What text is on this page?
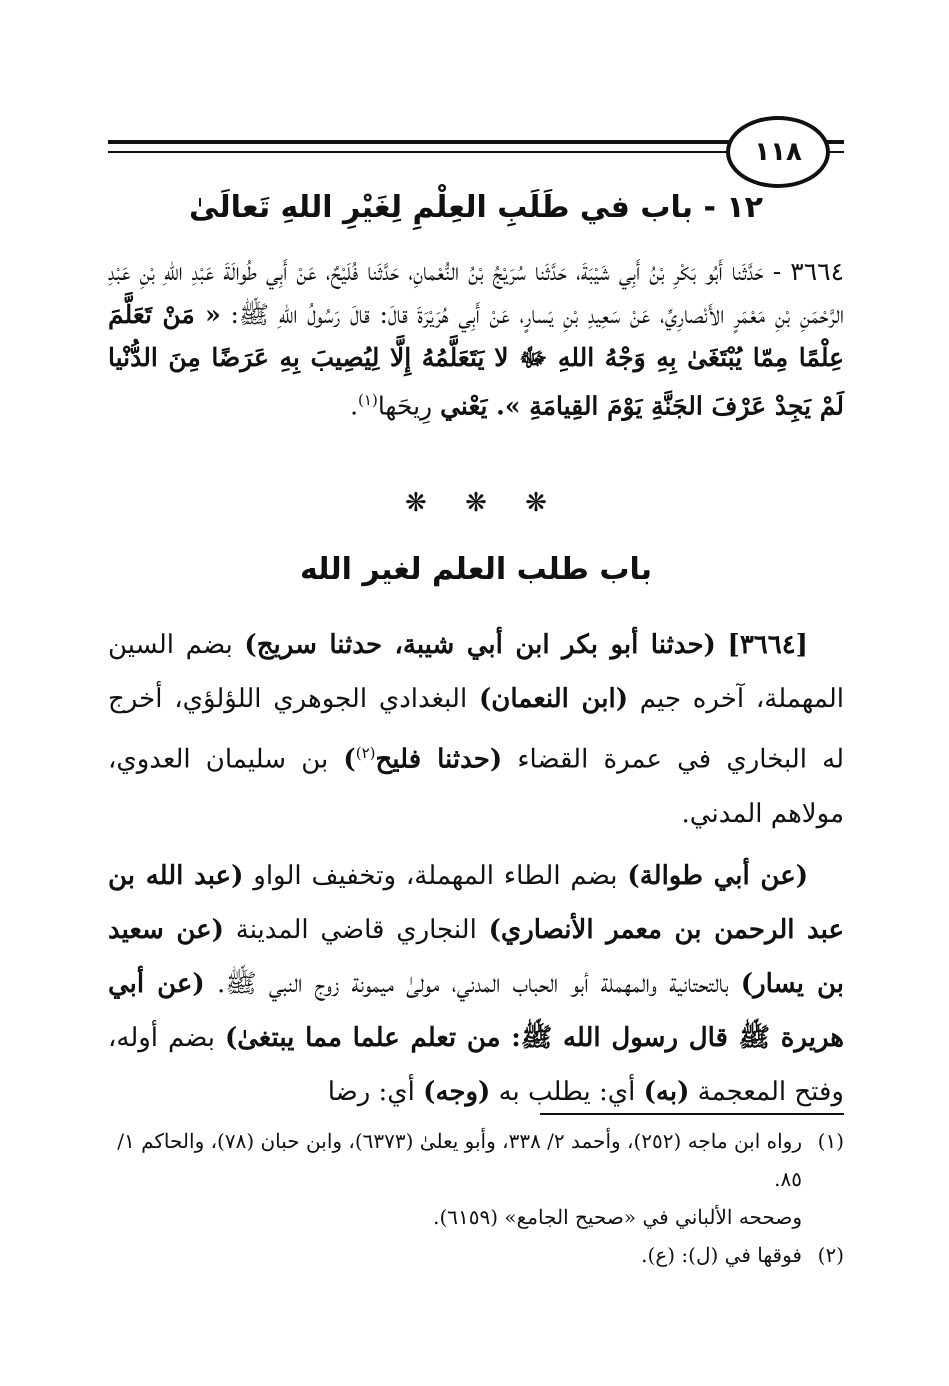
١١٨
١٢ - باب في طَلَبِ العِلْمِ لِغَيْرِ اللهِ تَعالَىٰ
٣٦٦٤ - حَدَّثَنا أَبُو بَكْرِ بْنُ أَبِي شَيْبَةَ، حَدَّثَنا سُرَيْجُ بْنُ النُّعْمانِ، حَدَّثَنا فُلَيْحٌ، عَنْ أَبِي طُوالَةَ عَبْدِ اللهِ بْنِ عَبْدِ الرَّحْمَنِ بْنِ مَعْمَرٍ الأَنْصارِيِّ، عَنْ سَعِيدِ بْنِ يَسارٍ، عَنْ أَبِي هُرَيْرَةَ قالَ: قالَ رَسُولُ اللهِ ﷺ: « مَنْ تَعَلَّمَ عِلْمًا مِمّا يُبْتَغَىٰ بِهِ وَجْهُ اللهِ ﷻ لا يَتَعَلَّمُهُ إِلَّا لِيُصِيبَ بِهِ عَرَضًا مِنَ الدُّنْيا لَمْ يَجِدْ عَرْفَ الجَنَّةِ يَوْمَ القِيامَةِ ». يَعْني رِيحَها$^{(١)}$.
❋ ❋ ❋
باب طلب العلم لغير الله

[٣٦٦٤] (حدثنا أبو بكر ابن أبي شيبة، حدثنا سريج) بضم السين المهملة، آخره جيم (ابن النعمان) البغدادي الجوهري اللؤلؤي، أخرج له البخاري في عمرة القضاء (حدثنا فليح$^{(٢)}$) بن سليمان العدوي، مولاهم المدني.

(عن أبي طوالة) بضم الطاء المهملة، وتخفيف الواو (عبد الله بن عبد الرحمن بن معمر الأنصاري) النجاري قاضي المدينة (عن سعيد بن يسار) بالتحتانية والمهملة أبو الحباب المدني، مولىٰ ميمونة زوج النبي ﷺ. (عن أبي هريرة ﷺ قال رسول الله ﷺ: من تعلم علما مما يبتغىٰ) بضم أوله، وفتح المعجمة (به) أي: يطلب به (وجه) أي: رضا

(١)
رواه ابن ماجه (٢٥٢)، وأحمد ٢/ ٣٣٨، وأبو يعلىٰ (٦٣٧٣)، وابن حبان (٧٨)، والحاكم ١/ ٨٥.
وصححه الألباني في «صحيح الجامع» (٦١٥٩).
(٢)
فوقها في (ل): (ع).
